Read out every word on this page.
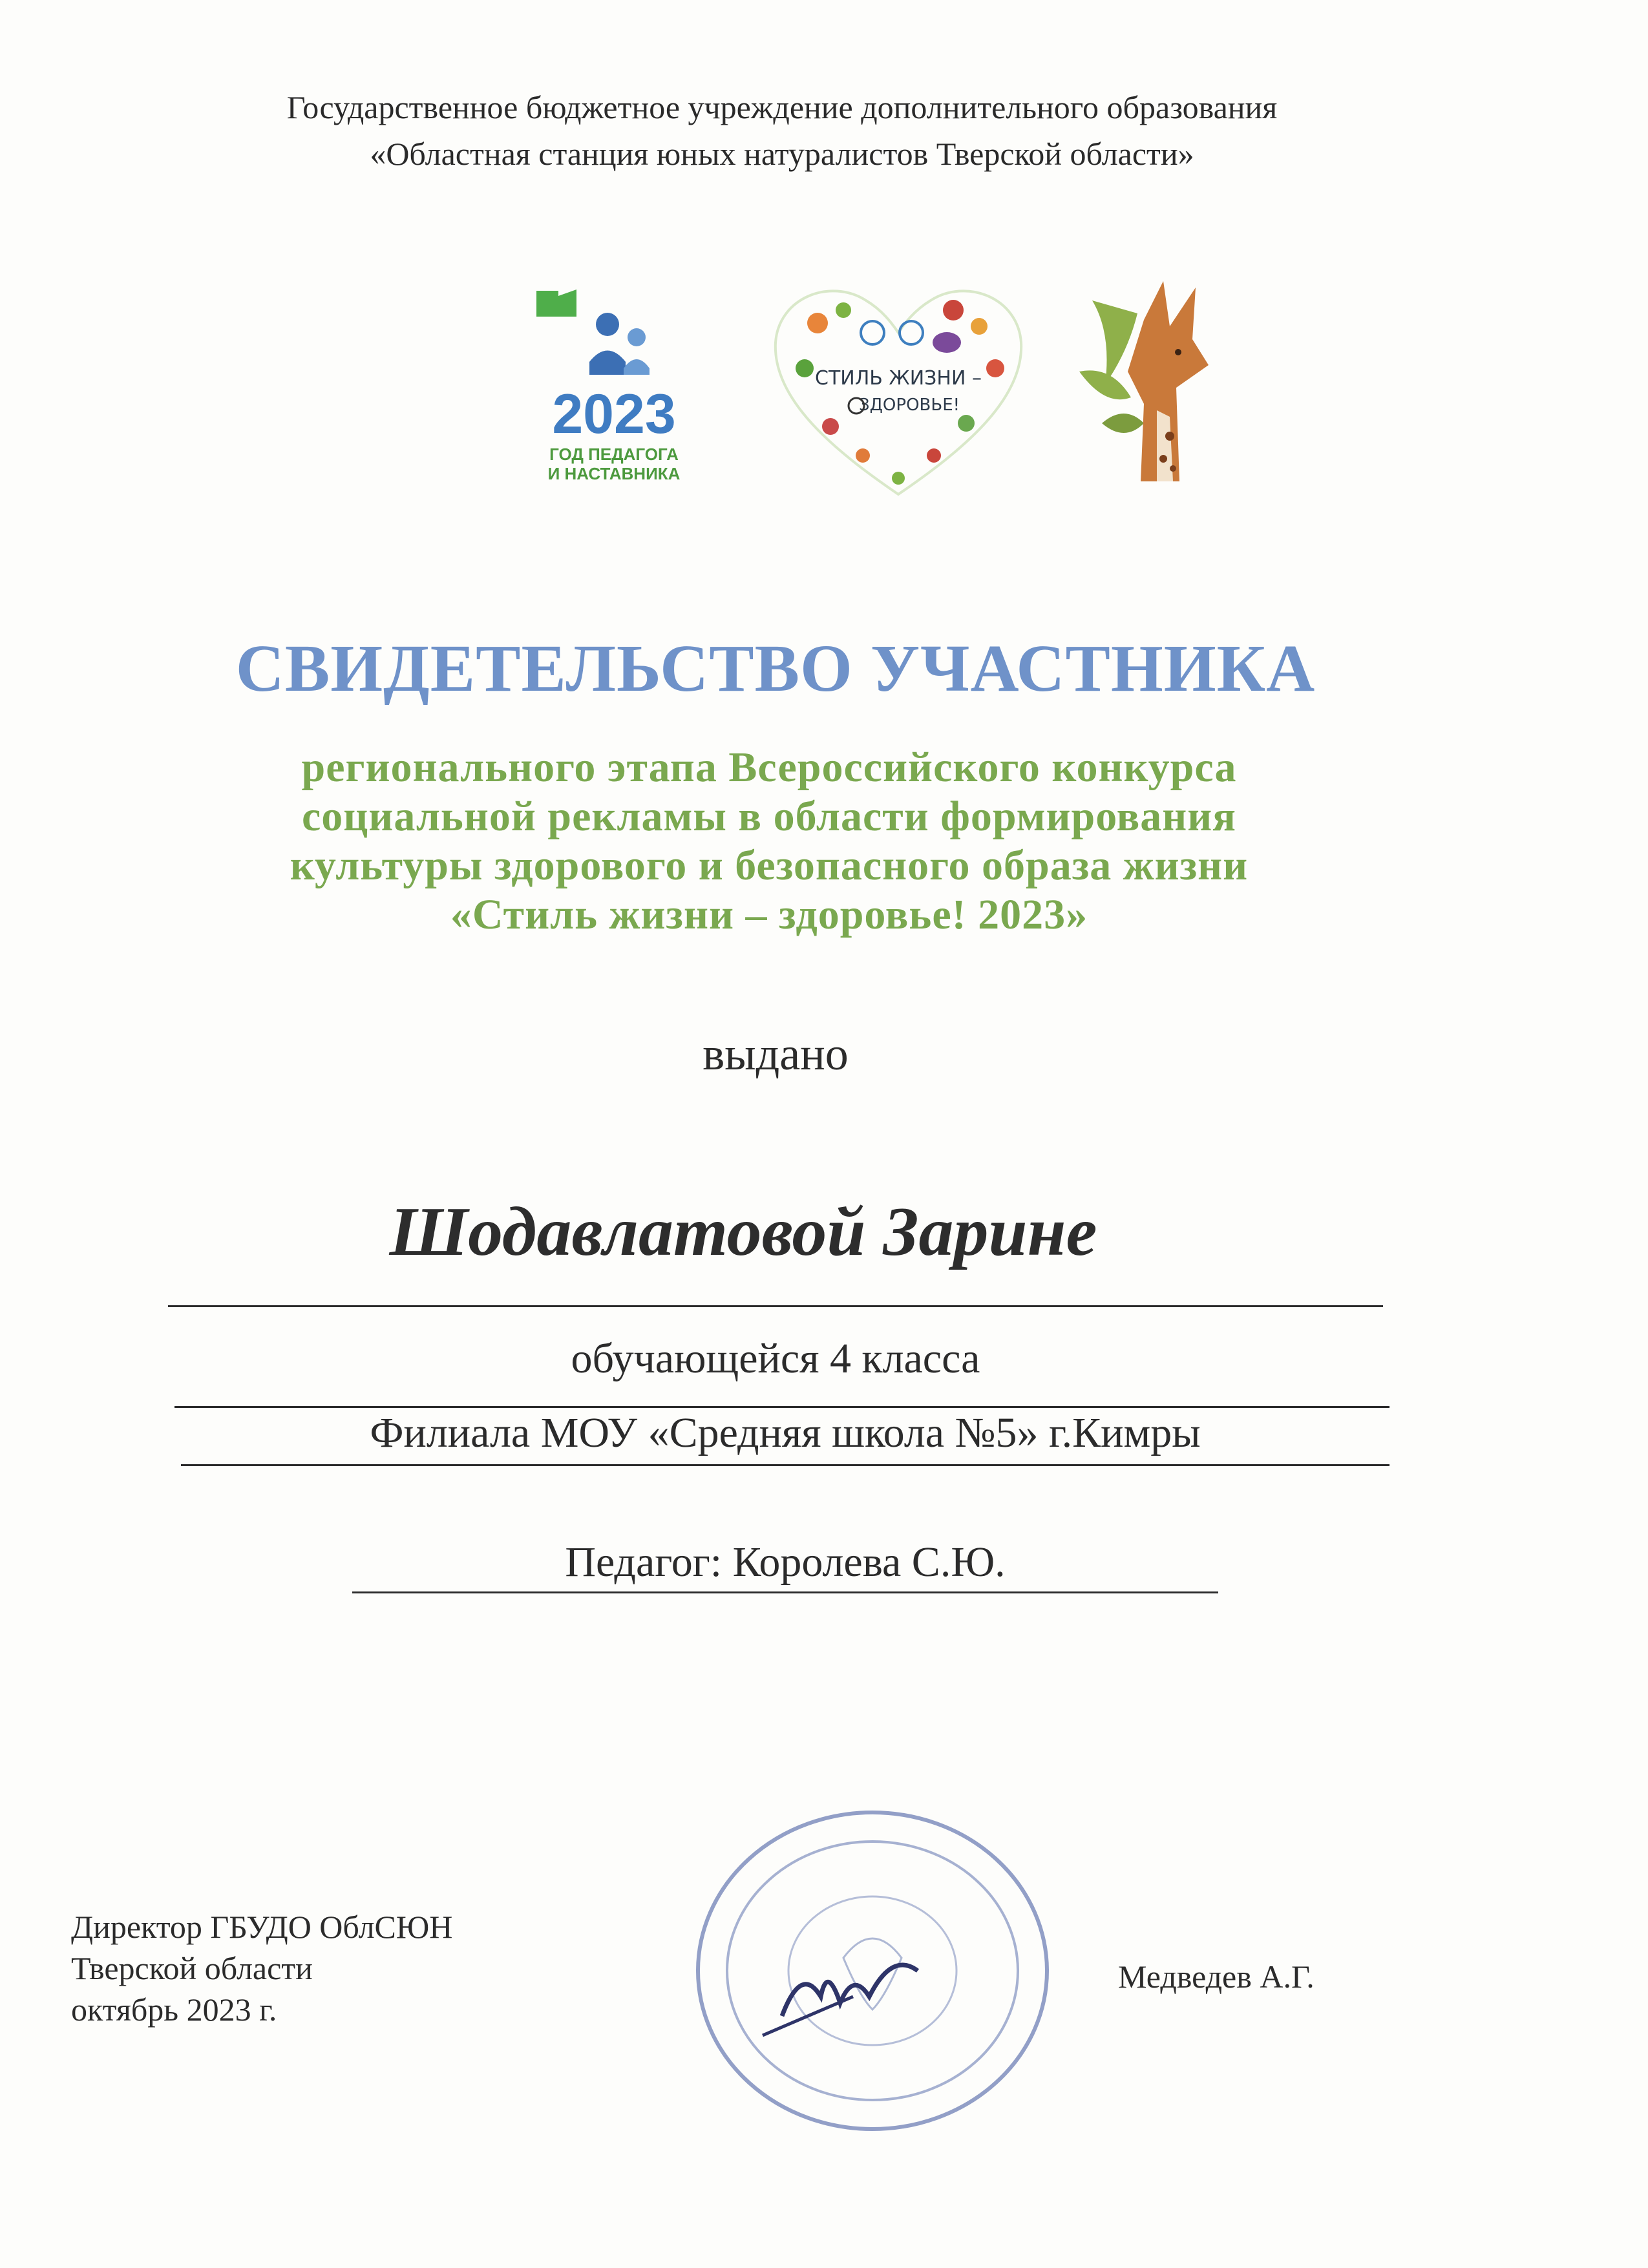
Государственное бюджетное учреждение дополнительного образования
«Областная станция юных натуралистов Тверской области»
2023
ГОД ПЕДАГОГА
И НАСТАВНИКА
СТИЛЬ ЖИЗНИ –
ЗДОРОВЬЕ!
СВИДЕТЕЛЬСТВО УЧАСТНИКА
регионального этапа Всероссийского конкурса
социальной рекламы в области формирования
культуры здорового и безопасного образа жизни
«Стиль жизни – здоровье! 2023»
выдано
Шодавлатовой Зарине
обучающейся 4 класса
Филиала МОУ «Средняя школа №5» г.Кимры
Педагог: Королева С.Ю.
Директор ГБУДО ОблСЮН
Тверской области
октябрь 2023 г.
Медведев А.Г.
